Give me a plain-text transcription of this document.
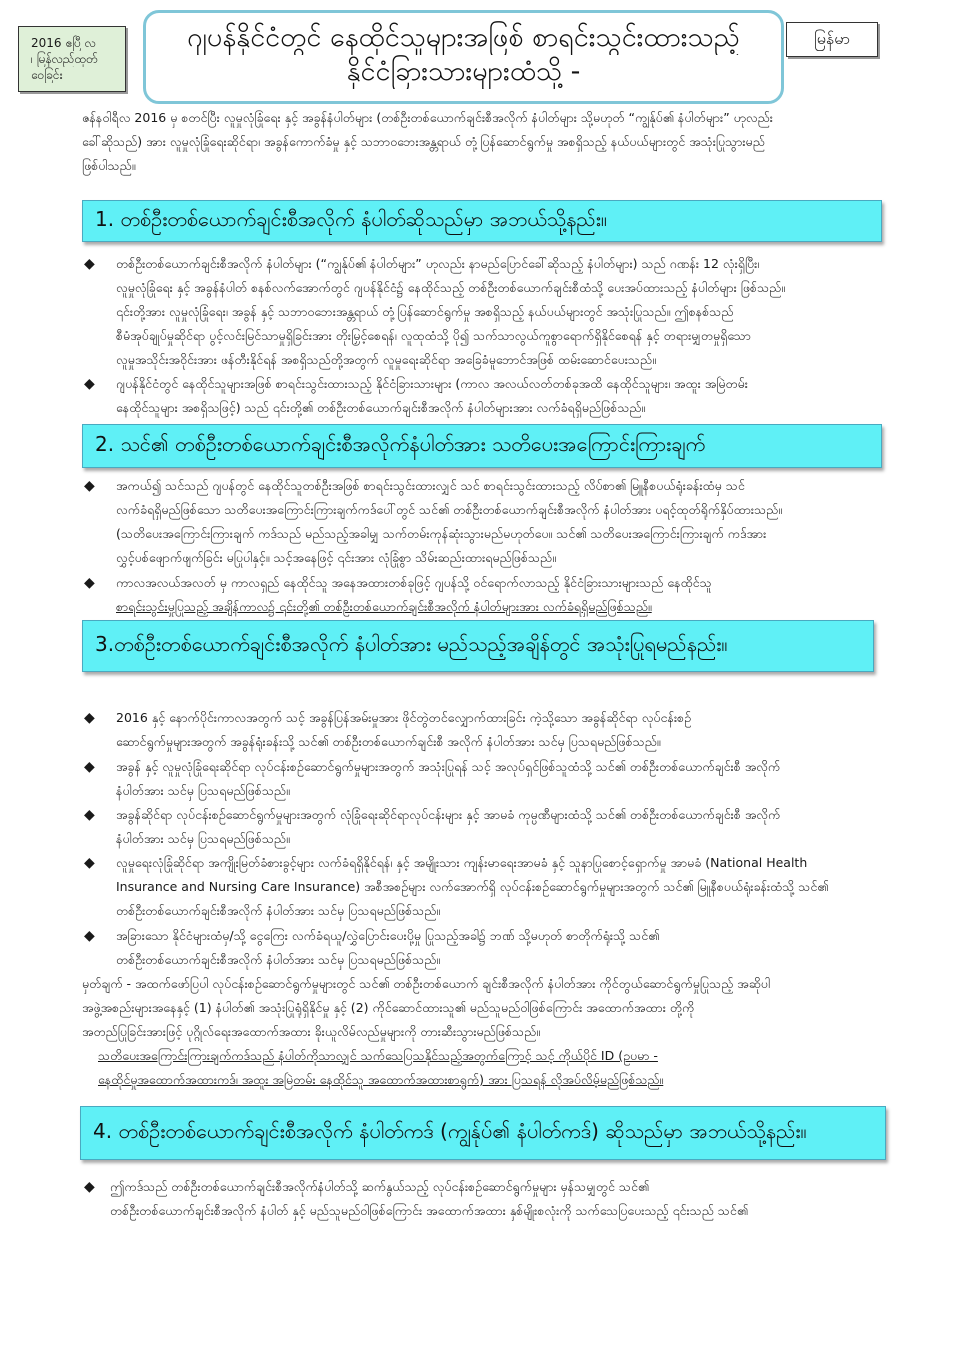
2016 ဧပြီ လ
၊ မြန်လည်ထုတ်
ဝေခြင်း
ဂျပန်နိုင်ငံတွင် နေထိုင်သူများအဖြစ် စာရင်းသွင်းထားသည့်
နိုင်ငံခြားသားများထံသို့ -
မြန်မာ
ဇန်နဝါရီလ 2016 မှ စတင်ပြီး လူမှုလုံခြုံရေး နှင့် အခွန်နံပါတ်များ (တစ်ဦးတစ်ယောက်ချင်းစီအလိုက် နံပါတ်များ သို့မဟုတ် “ကျွန်ုပ်၏ နံပါတ်များ” ဟုလည်း
ခေါ်ဆိုသည်) အား လူမှုလုံခြုံရေးဆိုင်ရာ၊ အခွန်ကောက်ခံမှု နှင့် သဘာဝဘေးအန္တရာယ် တုံ့ပြန်ဆောင်ရွက်မှု အစရှိသည့် နယ်ပယ်များတွင် အသုံးပြုသွားမည်
ဖြစ်ပါသည်။
1. တစ်ဦးတစ်ယောက်ချင်းစီအလိုက် နံပါတ်ဆိုသည်မှာ အဘယ်သို့နည်း။
◆ တစ်ဦးတစ်ယောက်ချင်းစီအလိုက် နံပါတ်များ (“ကျွန်ုပ်၏ နံပါတ်များ” ဟုလည်း နာမည်ပြောင်ခေါ်ဆိုသည့် နံပါတ်များ) သည် ဂဏန်း 12 လုံးရှိပြီး၊
လူမှုလုံခြုံရေး နှင့် အခွန်နံပါတ် စနစ်လက်အောက်တွင် ဂျပန်နိုင်ငံ၌ နေထိုင်သည့် တစ်ဦးတစ်ယောက်ချင်းစီထံသို့ ပေးအပ်ထားသည့် နံပါတ်များ ဖြစ်သည်။
၎င်းတို့အား လူမှုလုံခြုံရေး၊ အခွန် နှင့် သဘာဝဘေးအန္တရာယ် တုံ့ပြန်ဆောင်ရွက်မှု အစရှိသည့် နယ်ပယ်များတွင် အသုံးပြုသည်။ ဤစနစ်သည်
စီမံအုပ်ချုပ်မှုဆိုင်ရာ ပွင့်လင်းမြင်သာမှုရှိခြင်းအား တိုးမြှင့်စေရန်၊ လူထုထံသို့ ပို၍ သက်သာလွယ်ကူစွာရောက်ရှိနိုင်စေရန် နှင့် တရားမျှတမှုရှိသော
လူမှုအသိုင်းအဝိုင်းအား ဖန်တီးနိုင်ရန် အစရှိသည်တို့အတွက် လူမှုရေးဆိုင်ရာ အခြေခံမူဘောင်အဖြစ် ထမ်းဆောင်ပေးသည်။
◆ ဂျပန်နိုင်ငံတွင် နေထိုင်သူများအဖြစ် စာရင်းသွင်းထားသည့် နိုင်ငံခြားသားများ (ကာလ အလယ်လတ်တစ်ခုအထိ နေထိုင်သူများ၊ အထူး အမြဲတမ်း
နေထိုင်သူများ အစရှိသဖြင့်) သည် ၎င်းတို့၏ တစ်ဦးတစ်ယောက်ချင်းစီအလိုက် နံပါတ်များအား လက်ခံရရှိမည်ဖြစ်သည်။
2. သင်၏ တစ်ဦးတစ်ယောက်ချင်းစီအလိုက်နံပါတ်အား သတိပေးအကြောင်းကြားချက်
◆ အကယ်၍ သင်သည် ဂျပန်တွင် နေထိုင်သူတစ်ဦးအဖြစ် စာရင်းသွင်းထားလျှင် သင် စာရင်းသွင်းထားသည့် လိပ်စာ၏ မြူနီစပယ်ရုံးခန်းထံမှ သင်
လက်ခံရရှိမည်ဖြစ်သော သတိပေးအကြောင်းကြားချက်ကဒ်ပေါ်တွင် သင်၏ တစ်ဦးတစ်ယောက်ချင်းစီအလိုက် နံပါတ်အား ပရင့်ထုတ်ရိုက်နှိပ်ထားသည်။
(သတိပေးအကြောင်းကြားချက် ကဒ်သည် မည်သည့်အခါမျှ သက်တမ်းကုန်ဆုံးသွားမည်မဟုတ်ပေ။ သင်၏ သတိပေးအကြောင်းကြားချက် ကဒ်အား
လွှင့်ပစ်ဖျောက်ဖျက်ခြင်း မပြုပါနှင့်။ သင့်အနေဖြင့် ၎င်းအား လုံခြုံစွာ သိမ်းဆည်းထားရမည်ဖြစ်သည်။
◆ ကာလအလယ်အလတ် မှ ကာလရှည် နေထိုင်သူ အနေအထားတစ်ခုဖြင့် ဂျပန်သို့ ဝင်ရောက်လာသည့် နိုင်ငံခြားသားများသည် နေထိုင်သူ
စာရင်းသွင်းမှုပြုသည့် အချိန်ကာလ၌ ၎င်းတို့၏ တစ်ဦးတစ်ယောက်ချင်းစီအလိုက် နံပါတ်များအား လက်ခံရရှိမည်ဖြစ်သည်။
3.တစ်ဦးတစ်ယောက်ချင်းစီအလိုက် နံပါတ်အား မည်သည့်အချိန်တွင် အသုံးပြုရမည်နည်း။
◆ 2016 နှင့် နောက်ပိုင်းကာလအတွက် သင့် အခွန်ပြန်အမ်းမှုအား ဖိုင်တွဲတင်လျှောက်ထားခြင်း ကဲ့သို့သော အခွန်ဆိုင်ရာ လုပ်ငန်းစဉ်
ဆောင်ရွက်မှုများအတွက် အခွန်ရုံးခန်းသို့ သင်၏ တစ်ဦးတစ်ယောက်ချင်းစီ အလိုက် နံပါတ်အား သင်မှ ပြသရမည်ဖြစ်သည်။
◆ အခွန် နှင့် လူမှုလုံခြုံရေးဆိုင်ရာ လုပ်ငန်းစဉ်ဆောင်ရွက်မှုများအတွက် အသုံးပြုရန် သင့် အလုပ်ရှင်ဖြစ်သူထံသို့ သင်၏ တစ်ဦးတစ်ယောက်ချင်းစီ အလိုက်
နံပါတ်အား သင်မှ ပြသရမည်ဖြစ်သည်။
◆ အခွန်ဆိုင်ရာ လုပ်ငန်းစဉ်ဆောင်ရွက်မှုများအတွက် လုံခြုံရေးဆိုင်ရာလုပ်ငန်းများ နှင့် အာမခံ ကုမ္ပဏီများထံသို့ သင်၏ တစ်ဦးတစ်ယောက်ချင်းစီ အလိုက်
နံပါတ်အား သင်မှ ပြသရမည်ဖြစ်သည်။
◆ လူမှုရေးလုံခြုံဆိုင်ရာ အကျိုးမြတ်ခံစားခွင့်များ လက်ခံရရှိနိုင်ရန်၊ နှင့် အမျိုးသား ကျန်းမာရေးအာမခံ နှင့် သူနာပြုစောင့်ရှောက်မှု အာမခံ (National Health
Insurance and Nursing Care Insurance) အစီအစဉ်များ လက်အောက်ရှိ လုပ်ငန်းစဉ်ဆောင်ရွက်မှုများအတွက် သင်၏ မြူနီစပယ်ရုံးခန်းထံသို့ သင်၏
တစ်ဦးတစ်ယောက်ချင်းစီအလိုက် နံပါတ်အား သင်မှ ပြသရမည်ဖြစ်သည်။
◆ အခြားသော နိုင်ငံများထံမှ/သို့ ငွေကြေး လက်ခံရယူ/လွှဲပြောင်းပေးပို့မှု ပြုသည့်အခါ၌ ဘဏ် သို့မဟုတ် စာတိုက်ရုံးသို့ သင်၏
တစ်ဦးတစ်ယောက်ချင်းစီအလိုက် နံပါတ်အား သင်မှ ပြသရမည်ဖြစ်သည်။
မှတ်ချက် - အထက်ဖော်ပြပါ လုပ်ငန်းစဉ်ဆောင်ရွက်မှုများတွင် သင်၏ တစ်ဦးတစ်ယောက် ချင်းစီအလိုက် နံပါတ်အား ကိုင်တွယ်ဆောင်ရွက်မှုပြုသည့် အဆိုပါ
အဖွဲ့အစည်းများအနေနှင့် (1) နံပါတ်၏ အသုံးပြုရုံရှိနိုင်မှု နှင့် (2) ကိုင်ဆောင်ထားသူ၏ မည်သူမည်ဝါဖြစ်ကြောင်း အထောက်အထား တို့ကို
အတည်ပြုခြင်းအားဖြင့် ပုဂ္ဂိုလ်ရေးအထောက်အထား ခိုးယူလိမ်လည်မှုများကို တားဆီးသွားမည်ဖြစ်သည်။
သတိပေးအကြောင်းကြားချက်ကဒ်သည် နံပါတ်ကိုသာလျှင် သက်သေပြသနိုင်သည့်အတွက်ကြောင့် သင့် ကိုယ်ပိုင် ID (ဥပမာ -
နေထိုင်မှုအထောက်အထားကဒ်၊ အထူး အမြဲတမ်း နေထိုင်သူ အထောက်အထားစာရွက်) အား ပြသရန် လိုအပ်လိမ့်မည်ဖြစ်သည်။
4. တစ်ဦးတစ်ယောက်ချင်းစီအလိုက် နံပါတ်ကဒ် (ကျွန်ုပ်၏ နံပါတ်ကဒ်) ဆိုသည်မှာ အဘယ်သို့နည်း။
◆ ဤကဒ်သည် တစ်ဦးတစ်ယောက်ချင်းစီအလိုက်နံပါတ်သို့ ဆက်နွယ်သည့် လုပ်ငန်းစဉ်ဆောင်ရွက်မှုများ မှန်သမျှတွင် သင်၏
တစ်ဦးတစ်ယောက်ချင်းစီအလိုက် နံပါတ် နှင့် မည်သူမည်ဝါဖြစ်ကြောင်း အထောက်အထား နှစ်မျိုးစလုံးကို သက်သေပြပေးသည့် ၎င်းသည် သင်၏
